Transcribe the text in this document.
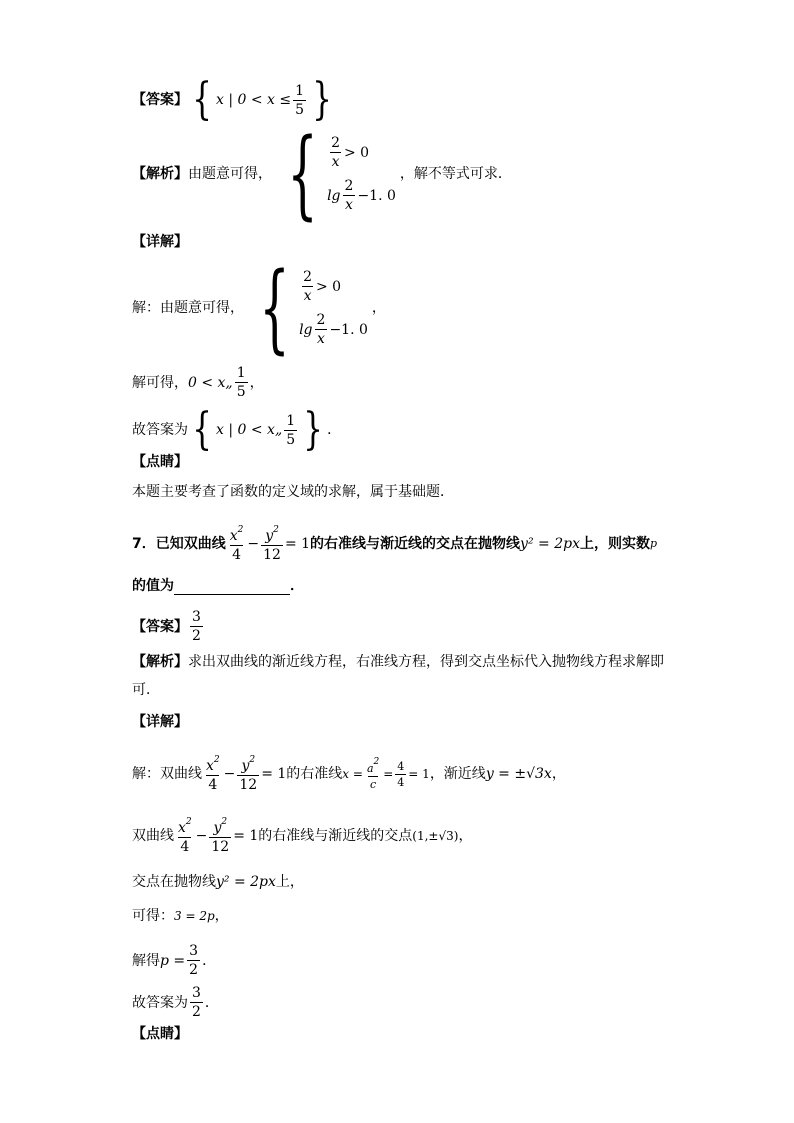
【答案】 { x | $0 < x \le \frac{1}{5}$ }
【解析】 由题意可得， { $\frac{2}{x} > 0$
$\lg \frac{2}{x} -1$. 0
，解不等式可求．
【详解】
解：由题意可得， { $\frac{2}{x} > 0$
$\lg \frac{2}{x} -1$. 0
，
解可得， 0 < x„ $\frac{1}{5}$ ，
故答案为 { x | 0 < x„ $\frac{1}{5}$ } ．
【点睛】
本题主要考查了函数的定义域的求解，属于基础题．
7．已知双曲线 $\frac{x^2}{4} - \frac{y^2}{12} = 1$ 的右准线与渐近线的交点在抛物线 y² = 2px 上，则实数 p
的值为	．
【答案】 $\frac{3}{2}$
【解析】 求出双曲线的渐近线方程，右准线方程，得到交点坐标代入抛物线方程求解即
可．
【详解】
解：双曲线 $\frac{x^2}{4} - \frac{y^2}{12} = 1$ 的右准线 $x = \frac{a^2}{c} = \frac{4}{4} = 1$ ，渐近线 y = ±√3x ，
双曲线 $\frac{x^2}{4} - \frac{y^2}{12} = 1$ 的右准线与渐近线的交点 (1,±√3) ，
交点在抛物线 y² = 2px 上，
可得： 3 = 2p ，
解得 $p = \frac{3}{2}$ ．
故答案为 $\frac{3}{2}$ ．
【点睛】
